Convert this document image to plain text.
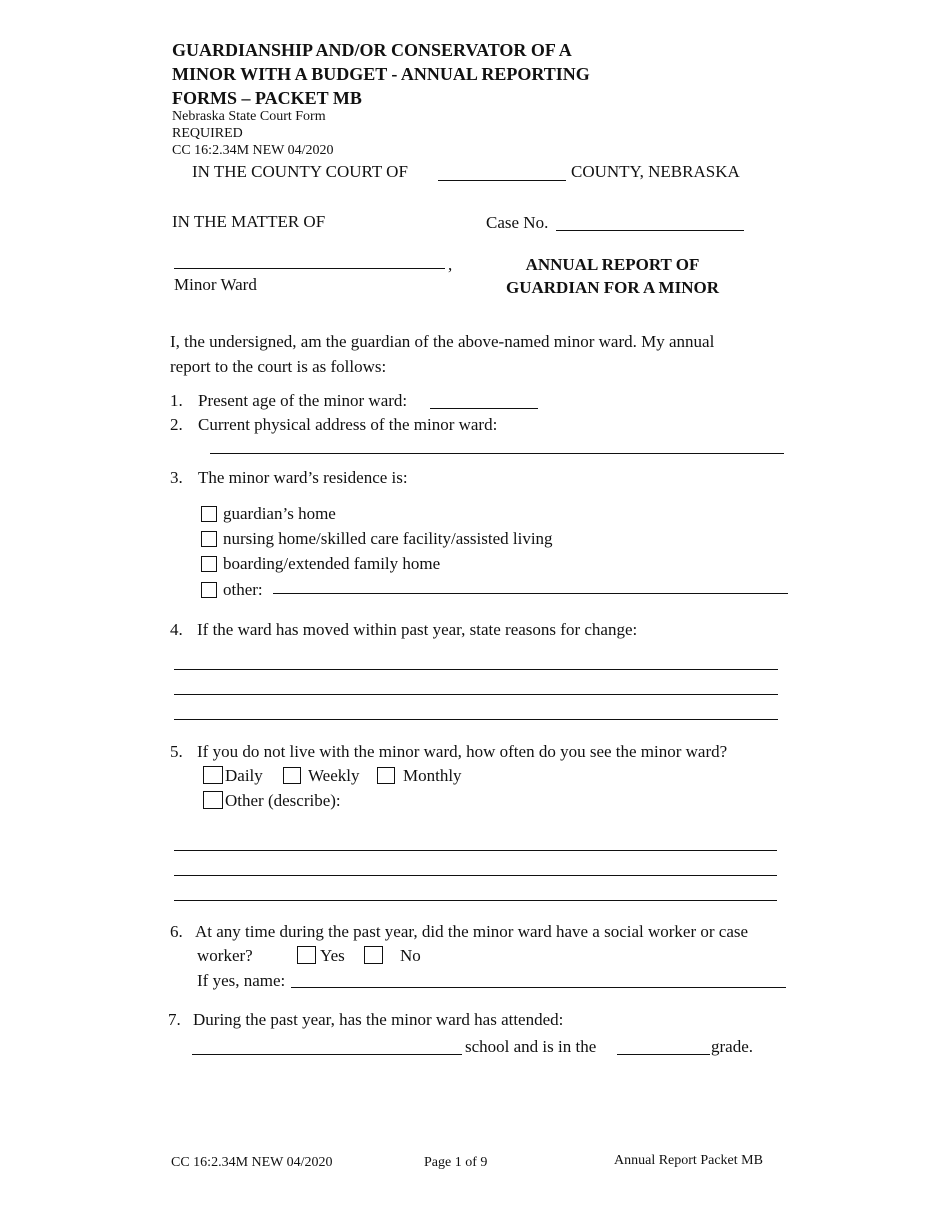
GUARDIANSHIP AND/OR CONSERVATOR OF A
MINOR WITH A BUDGET - ANNUAL REPORTING
FORMS – PACKET MB
Nebraska State Court Form
REQUIRED
CC 16:2.34M NEW 04/2020
IN THE COUNTY COURT OF	COUNTY, NEBRASKA
IN THE MATTER OF	Case No.
,
Minor Ward
ANNUAL REPORT OF
GUARDIAN FOR A MINOR
I, the undersigned, am the guardian of the above-named minor ward. My annual
report to the court is as follows:
1. Present age of the minor ward:
2. Current physical address of the minor ward:
3. The minor ward’s residence is:
guardian’s home
nursing home/skilled care facility/assisted living
boarding/extended family home
other:
4. If the ward has moved within past year, state reasons for change:
5. If you do not live with the minor ward, how often do you see the minor ward?
Daily	Weekly	Monthly
Other (describe):
6. At any time during the past year, did the minor ward have a social worker or case
worker?	Yes	No
If yes, name:
7. During the past year, has the minor ward has attended:
school and is in the	grade.
CC 16:2.34M NEW 04/2020	Page 1 of 9	Annual Report Packet MB
